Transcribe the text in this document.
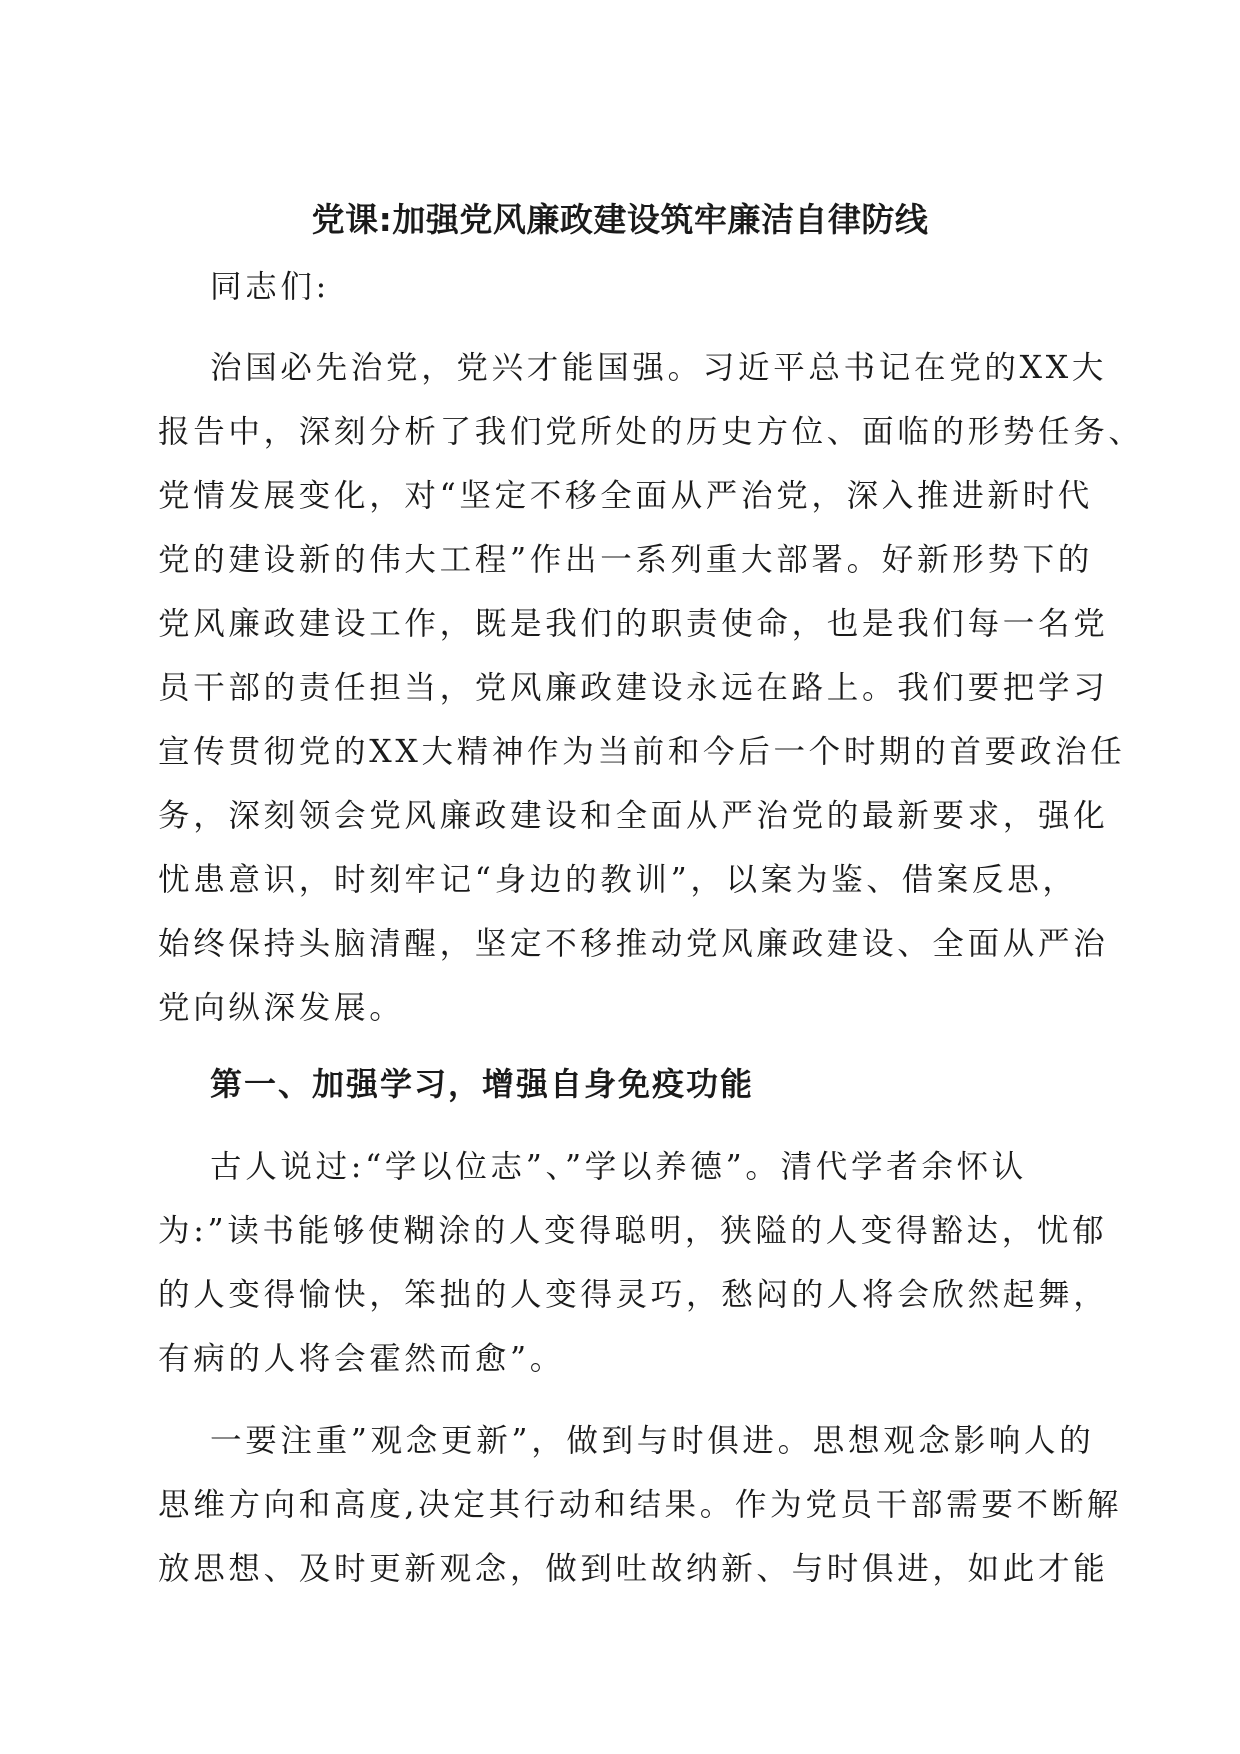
党课:加强党风廉政建设筑牢廉洁自律防线

同志们:

治国必先治党，党兴才能国强。习近平总书记在党的XX大

报告中，深刻分析了我们党所处的历史方位、面临的形势任务、

党情发展变化，对“坚定不移全面从严治党，深入推进新时代

党的建设新的伟大工程”作出一系列重大部署。好新形势下的

党风廉政建设工作，既是我们的职责使命，也是我们每一名党

员干部的责任担当，党风廉政建设永远在路上。我们要把学习

宣传贯彻党的XX大精神作为当前和今后一个时期的首要政治任

务，深刻领会党风廉政建设和全面从严治党的最新要求，强化

忧患意识，时刻牢记“身边的教训”，以案为鉴、借案反思，

始终保持头脑清醒，坚定不移推动党风廉政建设、全面从严治

党向纵深发展。

第一、加强学习，增强自身免疫功能

古人说过:“学以位志”、”学以养德”。清代学者余怀认

为:”读书能够使糊涂的人变得聪明，狭隘的人变得豁达，忧郁

的人变得愉快，笨拙的人变得灵巧，愁闷的人将会欣然起舞，

有病的人将会霍然而愈”。

一要注重”观念更新”，做到与时俱进。思想观念影响人的

思维方向和高度,决定其行动和结果。作为党员干部需要不断解

放思想、及时更新观念，做到吐故纳新、与时俱进，如此才能
